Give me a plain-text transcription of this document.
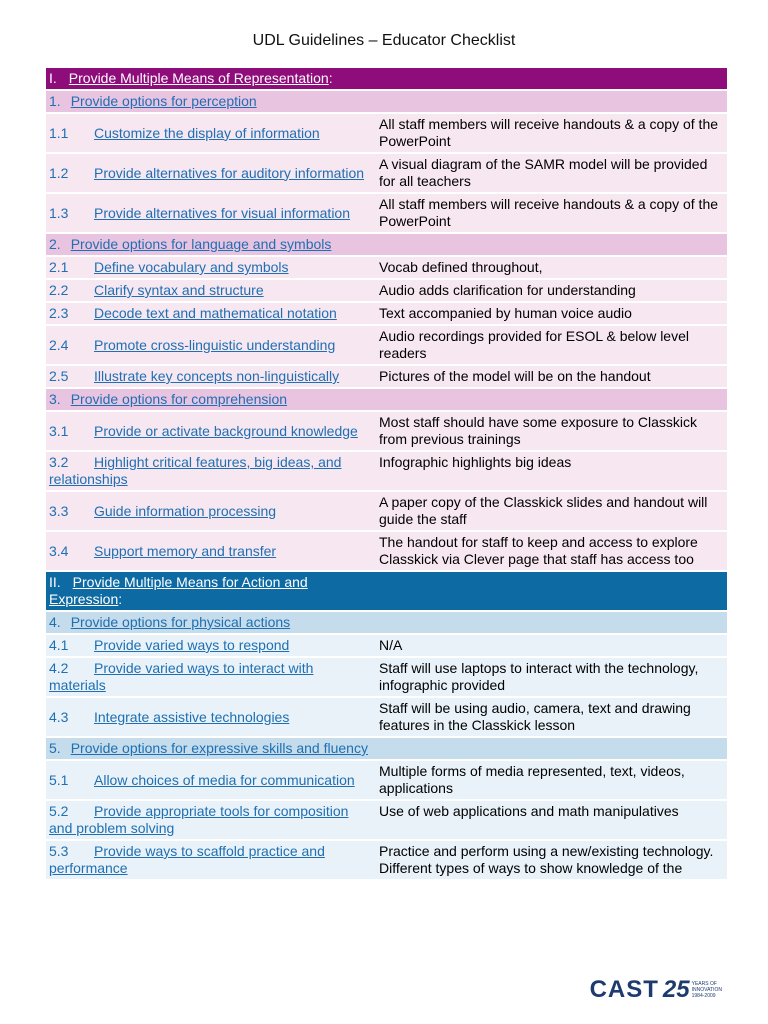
UDL Guidelines – Educator Checklist
I. Provide Multiple Means of Representation:	
1. Provide options for perception	
1.1 Customize the display of information	All staff members will receive handouts & a copy of the PowerPoint
1.2 Provide alternatives for auditory information	A visual diagram of the SAMR model will be provided for all teachers
1.3 Provide alternatives for visual information	All staff members will receive handouts & a copy of the PowerPoint
2. Provide options for language and symbols	
2.1 Define vocabulary and symbols	Vocab defined throughout,
2.2 Clarify syntax and structure	Audio adds clarification for understanding
2.3 Decode text and mathematical notation	Text accompanied by human voice audio
2.4 Promote cross-linguistic understanding	Audio recordings provided for ESOL & below level readers
2.5 Illustrate key concepts non-linguistically	Pictures of the model will be on the handout
3. Provide options for comprehension	
3.1 Provide or activate background knowledge	Most staff should have some exposure to Classkick from previous trainings
3.2 Highlight critical features, big ideas, and relationships	Infographic highlights big ideas
3.3 Guide information processing	A paper copy of the Classkick slides and handout will guide the staff
3.4 Support memory and transfer	The handout for staff to keep and access to explore Classkick via Clever page that staff has access too
II. Provide Multiple Means for Action and Expression:	
4. Provide options for physical actions	
4.1 Provide varied ways to respond	N/A
4.2 Provide varied ways to interact with materials	Staff will use laptops to interact with the technology, infographic provided
4.3 Integrate assistive technologies	Staff will be using audio, camera, text and drawing features in the Classkick lesson
5. Provide options for expressive skills and fluency	
5.1 Allow choices of media for communication	Multiple forms of media represented, text, videos, applications
5.2 Provide appropriate tools for composition and problem solving	Use of web applications and math manipulatives
5.3 Provide ways to scaffold practice and performance	Practice and perform using a new/existing technology.
Different types of ways to show knowledge of the
CAST 25 YEARS OF
INNOVATION
1984-2009
